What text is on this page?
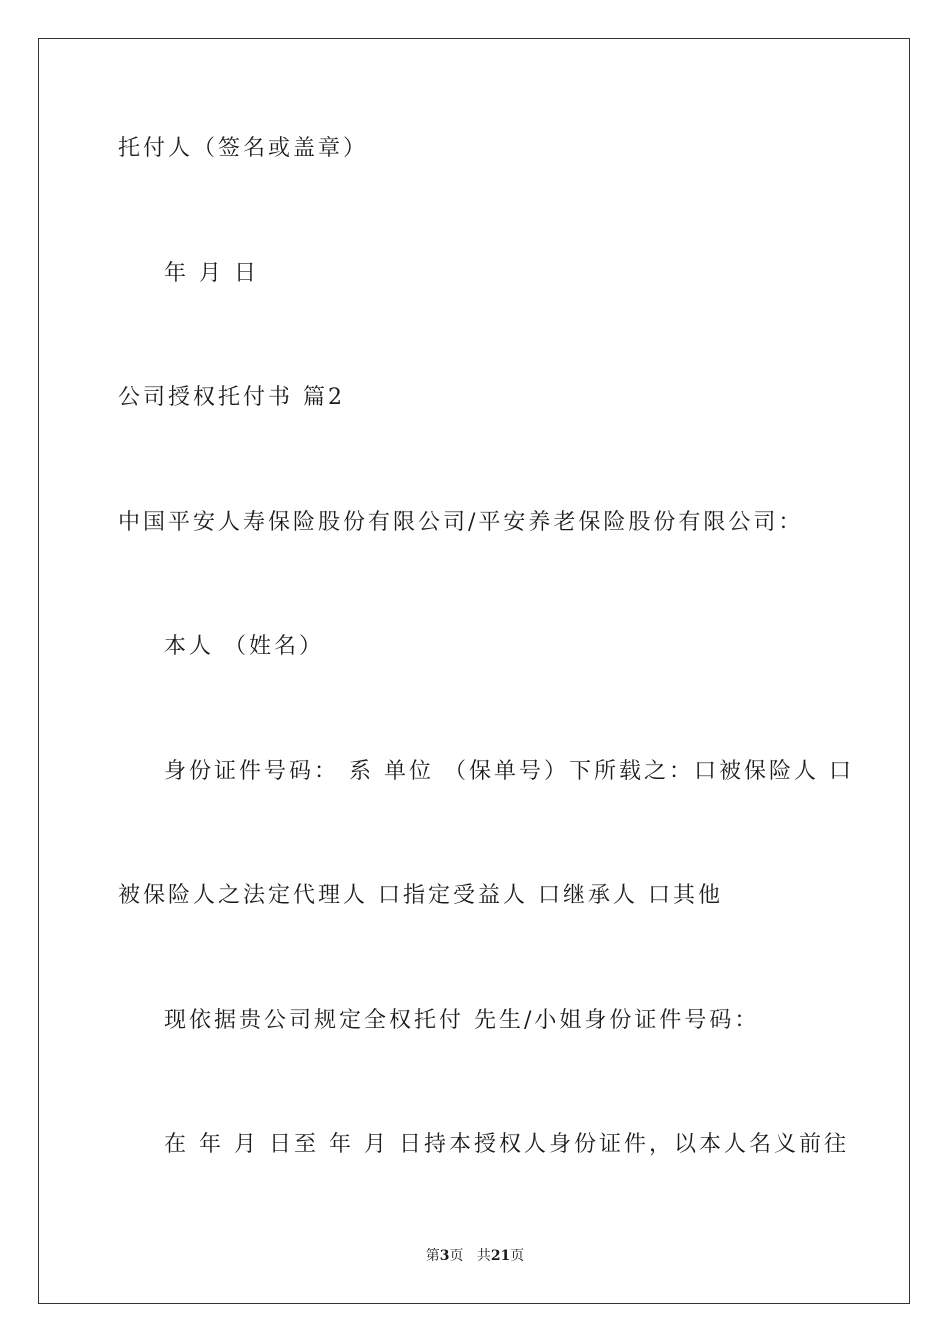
托付人（签名或盖章）
年 月 日
公司授权托付书 篇2
中国平安人寿保险股份有限公司/平安养老保险股份有限公司：
本人 （姓名）
身份证件号码： 系 单位 （保单号）下所载之：口被保险人 口
被保险人之法定代理人 口指定受益人 口继承人 口其他
现依据贵公司规定全权托付 先生/小姐身份证件号码：
在 年 月 日至 年 月 日持本授权人身份证件，以本人名义前往
第3页 共21页
